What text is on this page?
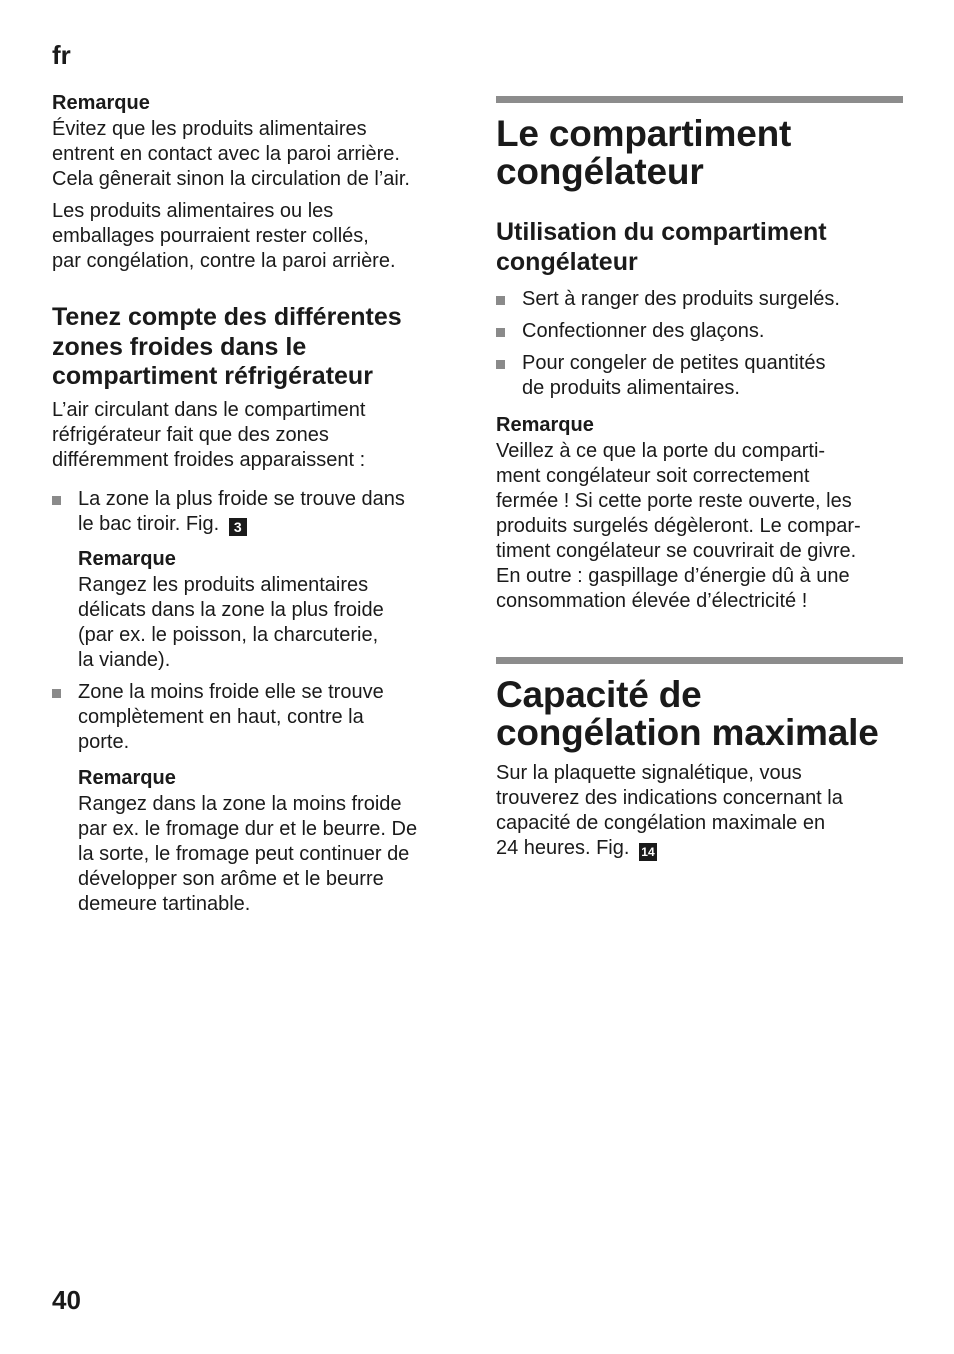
fr
Remarque

Évitez que les produits alimentaires
entrent en contact avec la paroi arrière.
Cela gênerait sinon la circulation de l’air.

Les produits alimentaires ou les
emballages pourraient rester collés,
par congélation, contre la paroi arrière.

Tenez compte des différentes
zones froides dans le
compartiment réfrigérateur

L’air circulant dans le compartiment
réfrigérateur fait que des zones
différemment froides apparaissent :

La zone la plus froide se trouve dans
le bac tiroir. Fig. 3
Remarque

Rangez les produits alimentaires
délicats dans la zone la plus froide
(par ex. le poisson, la charcuterie,
la viande).

Zone la moins froide elle se trouve
complètement en haut, contre la
porte.
Remarque

Rangez dans la zone la moins froide
par ex. le fromage dur et le beurre. De
la sorte, le fromage peut continuer de
développer son arôme et le beurre
demeure tartinable.

Le compartiment
congélateur
Utilisation du compartiment
congélateur
Sert à ranger des produits surgelés.
Confectionner des glaçons.
Pour congeler de petites quantités
de produits alimentaires.
Remarque

Veillez à ce que la porte du comparti-
ment congélateur soit correctement
fermée ! Si cette porte reste ouverte, les
produits surgelés dégèleront. Le compar-
timent congélateur se couvrirait de givre.
En outre : gaspillage d’énergie dû à une
consommation élevée d’électricité !

Capacité de
congélation maximale

Sur la plaquette signalétique, vous
trouverez des indications concernant la
capacité de congélation maximale en
24 heures. Fig. 14

40
